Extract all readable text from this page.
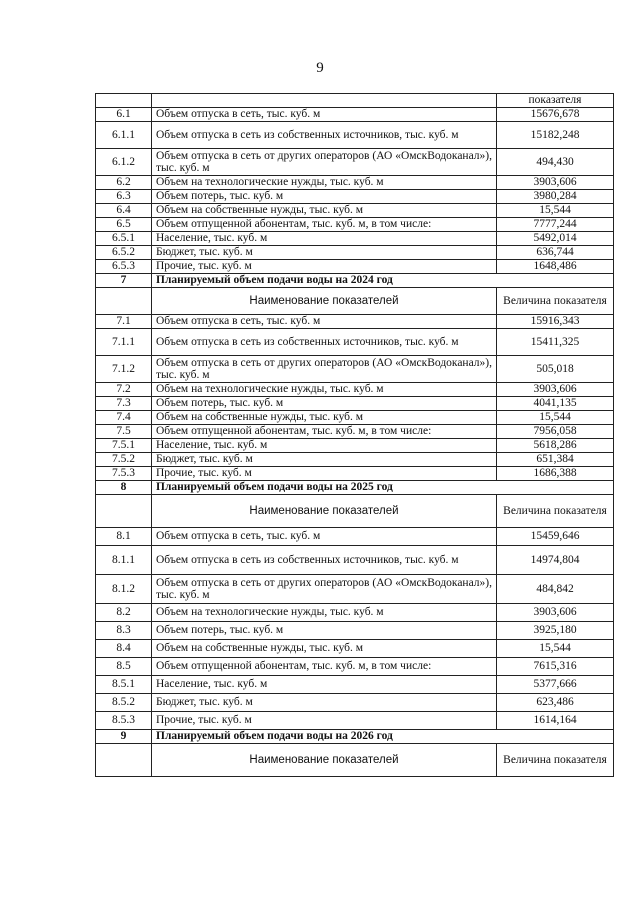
9
		показателя
6.1	Объем отпуска в сеть, тыс. куб. м	15676,678
6.1.1	Объем отпуска в сеть из собственных источников, тыс. куб. м	15182,248
6.1.2	Объем отпуска в сеть от других операторов (АО «ОмскВодоканал»), тыс. куб. м	494,430
6.2	Объем на технологические нужды, тыс. куб. м	3903,606
6.3	Объем потерь, тыс. куб. м	3980,284
6.4	Объем на собственные нужды, тыс. куб. м	15,544
6.5	Объем отпущенной абонентам, тыс. куб. м, в том числе:	7777,244
6.5.1	Население, тыс. куб. м	5492,014
6.5.2	Бюджет, тыс. куб. м	636,744
6.5.3	Прочие, тыс. куб. м	1648,486
7	Планируемый объем подачи воды на 2024 год	
	Наименование показателей	Величина показателя
7.1	Объем отпуска в сеть, тыс. куб. м	15916,343
7.1.1	Объем отпуска в сеть из собственных источников, тыс. куб. м	15411,325
7.1.2	Объем отпуска в сеть от других операторов (АО «ОмскВодоканал»), тыс. куб. м	505,018
7.2	Объем на технологические нужды, тыс. куб. м	3903,606
7.3	Объем потерь, тыс. куб. м	4041,135
7.4	Объем на собственные нужды, тыс. куб. м	15,544
7.5	Объем отпущенной абонентам, тыс. куб. м, в том числе:	7956,058
7.5.1	Население, тыс. куб. м	5618,286
7.5.2	Бюджет, тыс. куб. м	651,384
7.5.3	Прочие, тыс. куб. м	1686,388
8	Планируемый объем подачи воды на 2025 год	
	Наименование показателей	Величина показателя
8.1	Объем отпуска в сеть, тыс. куб. м	15459,646
8.1.1	Объем отпуска в сеть из собственных источников, тыс. куб. м	14974,804
8.1.2	Объем отпуска в сеть от других операторов (АО «ОмскВодоканал»), тыс. куб. м	484,842
8.2	Объем на технологические нужды, тыс. куб. м	3903,606
8.3	Объем потерь, тыс. куб. м	3925,180
8.4	Объем на собственные нужды, тыс. куб. м	15,544
8.5	Объем отпущенной абонентам, тыс. куб. м, в том числе:	7615,316
8.5.1	Население, тыс. куб. м	5377,666
8.5.2	Бюджет, тыс. куб. м	623,486
8.5.3	Прочие, тыс. куб. м	1614,164
9	Планируемый объем подачи воды на 2026 год	
	Наименование показателей	Величина показателя
